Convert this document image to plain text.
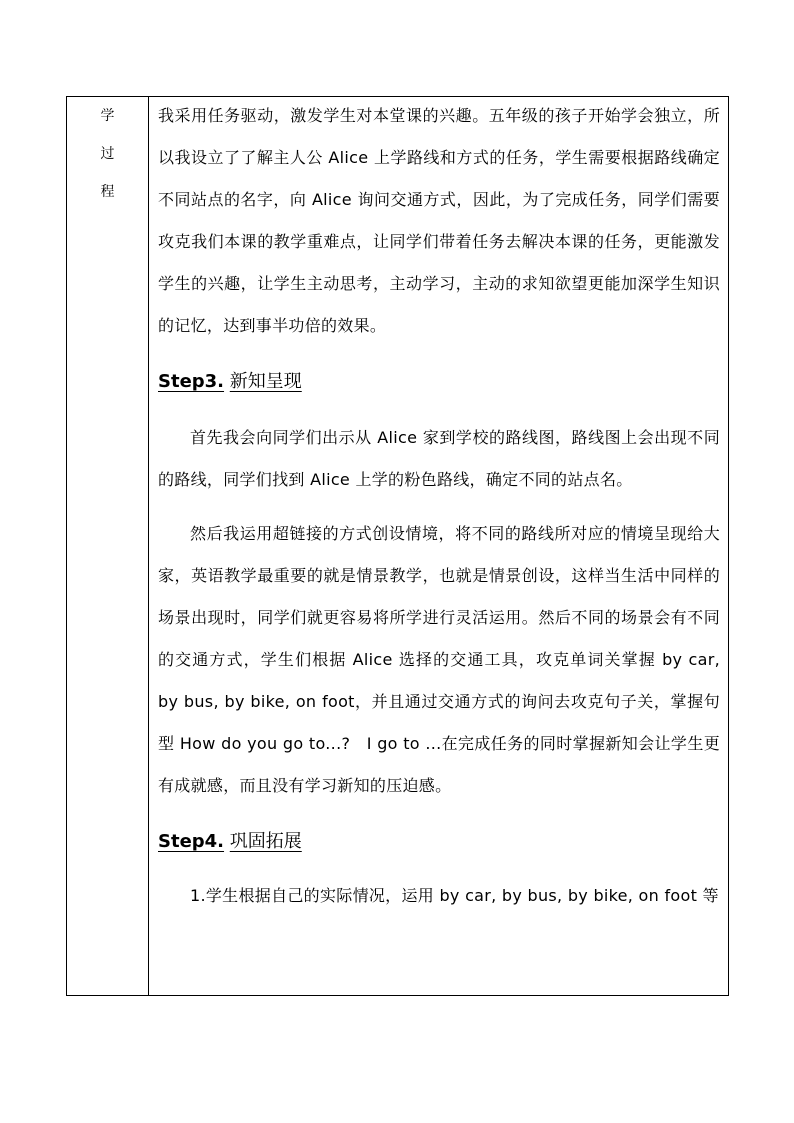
学
过
程

我采用任务驱动，激发学生对本堂课的兴趣。五年级的孩子开始学会独立，所以我设立了了解主人公 Alice 上学路线和方式的任务，学生需要根据路线确定不同站点的名字，向 Alice 询问交通方式，因此，为了完成任务，同学们需要攻克我们本课的教学重难点，让同学们带着任务去解决本课的任务，更能激发学生的兴趣，让学生主动思考，主动学习，主动的求知欲望更能加深学生知识的记忆，达到事半功倍的效果。

Step3. 新知呈现

首先我会向同学们出示从 Alice 家到学校的路线图，路线图上会出现不同的路线，同学们找到 Alice 上学的粉色路线，确定不同的站点名。

然后我运用超链接的方式创设情境，将不同的路线所对应的情境呈现给大家，英语教学最重要的就是情景教学，也就是情景创设，这样当生活中同样的场景出现时，同学们就更容易将所学进行灵活运用。然后不同的场景会有不同的交通方式，学生们根据 Alice 选择的交通工具，攻克单词关掌握 by car, by bus, by bike, on foot，并且通过交通方式的询问去攻克句子关，掌握句型 How do you go to...?　I go to ...在完成任务的同时掌握新知会让学生更有成就感，而且没有学习新知的压迫感。

Step4. 巩固拓展

1.学生根据自己的实际情况，运用 by car, by bus, by bike, on foot 等
